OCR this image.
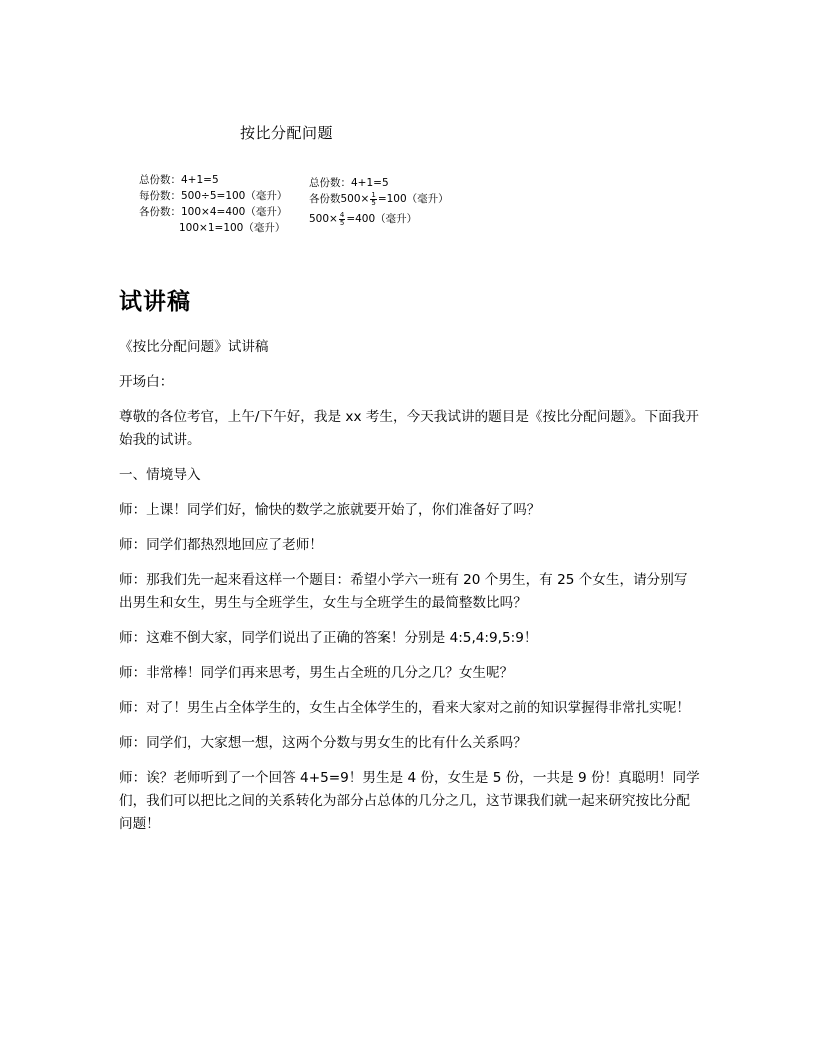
按比分配问题
总份数：4+1=5
每份数：500÷5=100（毫升）
各份数：100×4=400（毫升）
100×1=100（毫升）
总份数：4+1=5
各份数$500\times \frac{1}{5} =100$（毫升）
$500\times \frac{4}{5} =400$（毫升）
试讲稿

《按比分配问题》试讲稿

开场白：

尊敬的各位考官，上午/下午好，我是 xx 考生，今天我试讲的题目是《按比分配问题》。下面我开始我的试讲。

一、情境导入

师：上课！同学们好，愉快的数学之旅就要开始了，你们准备好了吗？

师：同学们都热烈地回应了老师！

师：那我们先一起来看这样一个题目：希望小学六一班有 20 个男生，有 25 个女生，请分别写出男生和女生，男生与全班学生，女生与全班学生的最简整数比吗？

师：这难不倒大家，同学们说出了正确的答案！分别是 4:5,4:9,5:9！

师：非常棒！同学们再来思考，男生占全班的几分之几？女生呢？

师：对了！男生占全体学生的，女生占全体学生的，看来大家对之前的知识掌握得非常扎实呢！

师：同学们，大家想一想，这两个分数与男女生的比有什么关系吗？

师：诶？老师听到了一个回答 4+5=9！男生是 4 份，女生是 5 份，一共是 9 份！真聪明！同学们，我们可以把比之间的关系转化为部分占总体的几分之几，这节课我们就一起来研究按比分配问题！
